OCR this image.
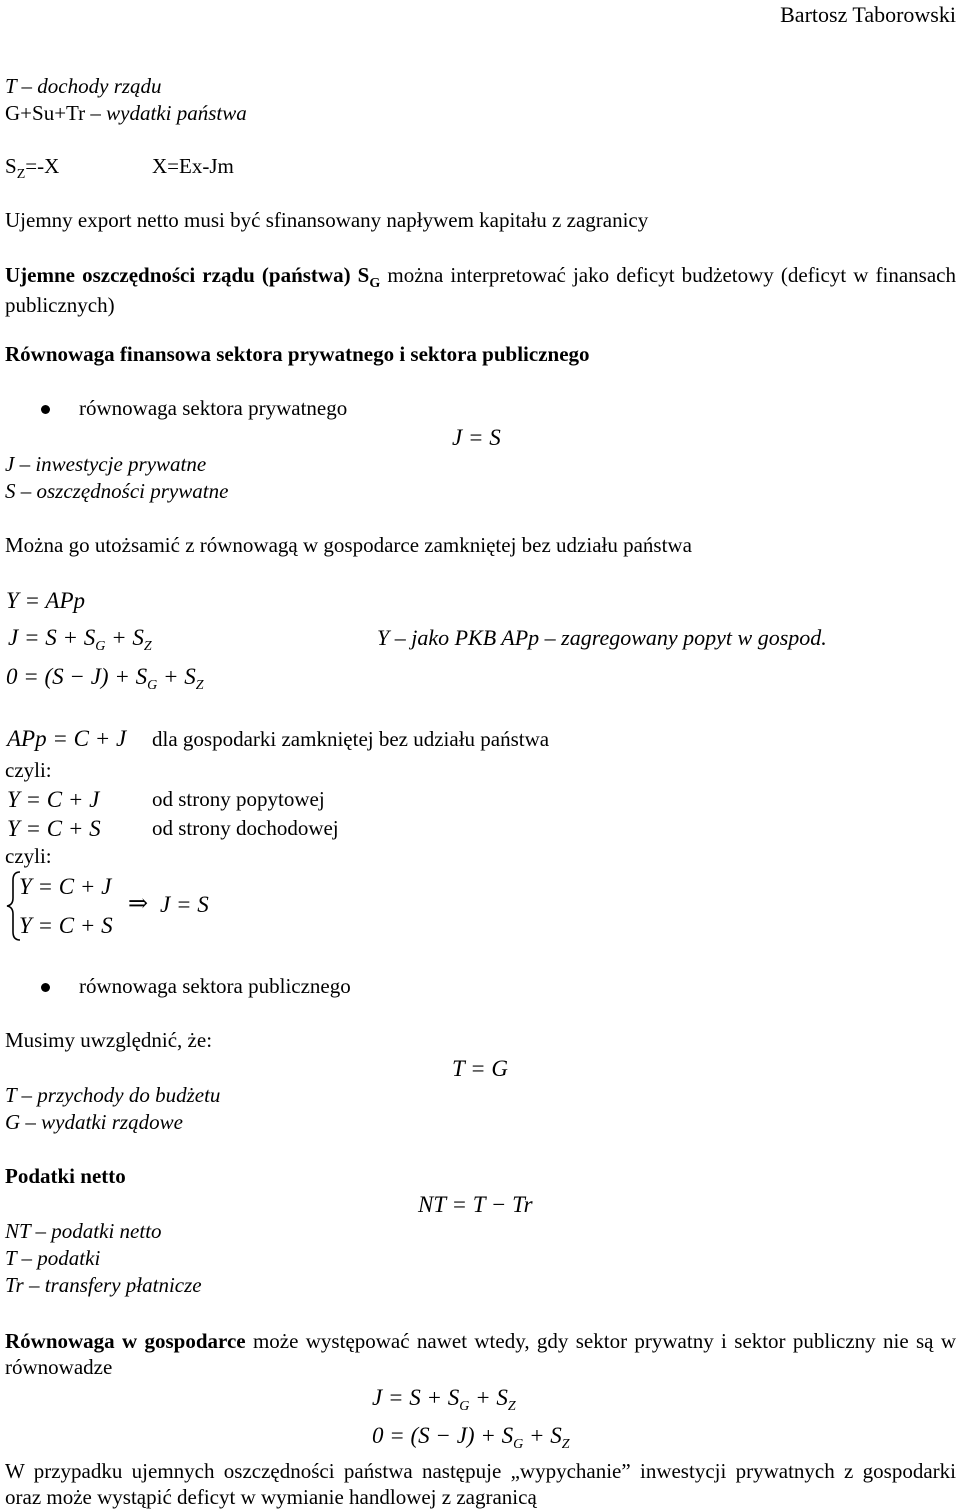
Bartosz Taborowski
T – dochody rządu
G+Su+Tr – wydatki państwa
$S_Z=-X$	X=Ex-Jm
Ujemny export netto musi być sfinansowany napływem kapitału z zagranicy
Ujemne oszczędności rządu (państwa) $S_G$ można interpretować jako deficyt budżetowy (deficyt w finansach publicznych)
Równowaga finansowa sektora prywatnego i sektora publicznego
równowaga sektora prywatnego
J = S
J – inwestycje prywatne
S – oszczędności prywatne
Można go utożsamić z równowagą w gospodarce zamkniętej bez udziału państwa
Y = APp
$J = S + S_G + S_Z$	Y – jako PKB APp – zagregowany popyt w gospod.
$0 = (S - J) + S_G + S_Z$
APp = C + J dla gospodarki zamkniętej bez udziału państwa
czyli:
Y = C + J	od strony popytowej
Y = C + S od strony dochodowej
czyli:
Y = C + J
Y = C + S
⇒ J = S
równowaga sektora publicznego
Musimy uwzględnić, że:
T = G
T – przychody do budżetu
G – wydatki rządowe
Podatki netto
NT = T − Tr
NT – podatki netto
T – podatki
Tr – transfery płatnicze
Równowaga w gospodarce może występować nawet wtedy, gdy sektor prywatny i sektor publiczny nie są w równowadze
$J = S + S_G + S_Z$
$0 = (S - J) + S_G + S_Z$
W przypadku ujemnych oszczędności państwa następuje „wypychanie” inwestycji prywatnych z gospodarki oraz może wystąpić deficyt w wymianie handlowej z zagranicą
